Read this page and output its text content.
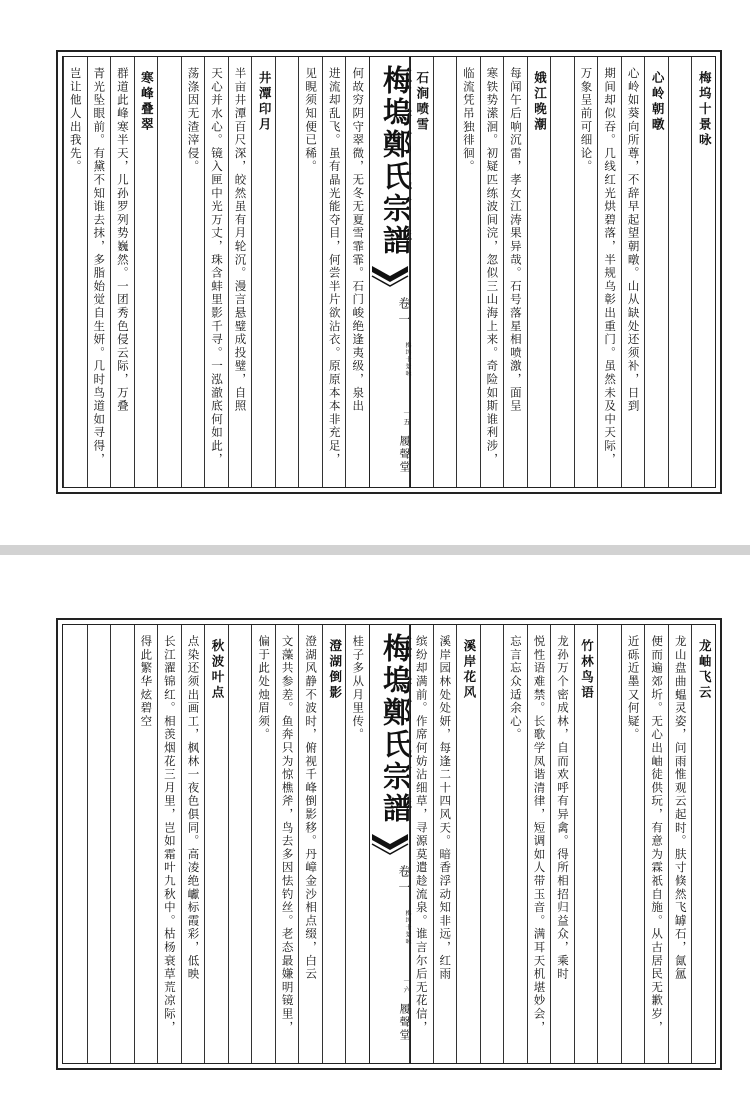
梅塢鄭氏宗譜
卷一
梅坞十景咏
一五
履聲堂
梅坞十景咏
心岭朝暾
心岭如葵向所尊，不辞早起望朝暾。山从缺处还须补，日到
期间却似吞。几线红光烘碧落，半规乌彰出重门。虽然未及中天际，
万象呈前可细论。
娥江晚潮
每闻午后响沉雷，孝女江涛果异哉。石号落星相喷激，面呈
寒铁势潆洄。初疑匹练波间浣，忽似三山海上来。奇险如斯谁利涉，
临流凭吊独徘徊。
石涧喷雪
何故穷阴守翠微，无冬无夏雪霏霏。石门峻绝逢夷级，泉出
进流却乱飞。虽有晶光能夺目，何尝半片欲沾衣。原原本本非充足，
见睍须知便已稀。
井潭印月
半亩井潭百尺深，皎然虽有月轮沉。漫言悬璧成投璧，自照
天心并水心。镜入匣中光万丈，珠含蚌里影千寻。一泓澈底何如此，
荡涤因无渣滓侵。
寒峰叠翠
群道此峰寒半天，儿孙罗列势巍然。一团秀色侵云际，万叠
青光坠眼前。有黛不知谁去抹，多脂始觉自生妍。几时鸟道如寻得，
岂让他人出我先。
梅塢鄭氏宗譜
卷一
梅坞十景咏
一六
履聲堂
龙岫飞云
龙山盘曲蝹灵姿，问雨惟观云起时。肤寸倏然飞罅石，氤氲
便而遍郊圻。无心出岫徒供玩，有意为霖祇自施。从古居民无歉岁，
近砾近墨又何疑。
竹林鸟语
龙孙万个密成林，自而欢呼有异禽。得所相招归益众，乘时
悦性语难禁。长歌学凤谐清律，短调如人带玉音。满耳天机堪妙会，
忘言忘众适余心。
溪岸花风
溪岸园林处处妍，每逢二十四风天。暗香浮动知非远，红雨
缤纷却满前。作席何妨沾细草，寻源莫遣趁流泉。谁言尔后无花信，
桂子多从月里传。
澄湖倒影
澄湖风静不波时，俯视千峰倒影移。丹嶂金沙相点缀，白云
文藻共参差。鱼奔只为惊樵斧，鸟去多因怯钓丝。老态最嫌明镜里，
偏于此处烛眉须。
秋波叶点
点染还须出画工，枫林一夜色俱同。高凌绝巘标霞彩，低映
长江濯锦红。相羡烟花三月里，岂如霜叶九秋中。枯杨衰草荒凉际，
得此繁华炫碧空
